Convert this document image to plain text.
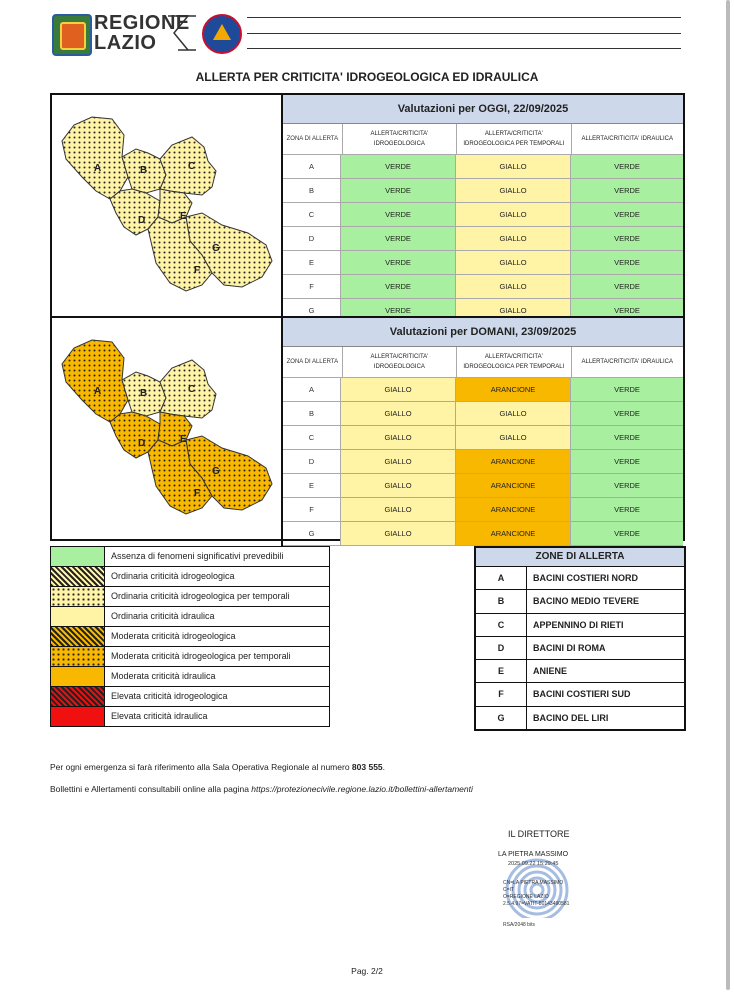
REGIONE
LAZIO
ALLERTA PER CRITICITA' IDROGEOLOGICA ED IDRAULICA
A	B	C
D	E
G
F
Valutazioni per OGGI, 22/09/2025
ZONA DI ALLERTA
ALLERTA/CRITICITA' IDROGEOLOGICA
ALLERTA/CRITICITA' IDROGEOLOGICA PER TEMPORALI
ALLERTA/CRITICITA' IDRAULICA
A	VERDE	GIALLO	VERDE
B	VERDE	GIALLO	VERDE
C	VERDE	GIALLO	VERDE
D	VERDE	GIALLO	VERDE
E	VERDE	GIALLO	VERDE
F	VERDE	GIALLO	VERDE
G	VERDE	GIALLO	VERDE
A	B	C
D	E
G
F
Valutazioni per DOMANI, 23/09/2025
ZONA DI ALLERTA
ALLERTA/CRITICITA' IDROGEOLOGICA
ALLERTA/CRITICITA' IDROGEOLOGICA PER TEMPORALI
ALLERTA/CRITICITA' IDRAULICA
A	GIALLO	ARANCIONE	VERDE
B	GIALLO	GIALLO	VERDE
C	GIALLO	GIALLO	VERDE
D	GIALLO	ARANCIONE	VERDE
E	GIALLO	ARANCIONE	VERDE
F	GIALLO	ARANCIONE	VERDE
G	GIALLO	ARANCIONE	VERDE
Assenza di fenomeni significativi prevedibili
Ordinaria criticità idrogeologica
Ordinaria criticità idrogeologica per temporali
Ordinaria criticità idraulica
Moderata criticità idrogeologica
Moderata criticità idrogeologica per temporali
Moderata criticità idraulica
Elevata criticità idrogeologica
Elevata criticità idraulica
ZONE DI ALLERTA
A	BACINI COSTIERI NORD
B	BACINO MEDIO TEVERE
C	APPENNINO DI RIETI
D	BACINI DI ROMA
E	ANIENE
F	BACINI COSTIERI SUD
G	BACINO DEL LIRI
Per ogni emergenza si farà riferimento alla Sala Operativa Regionale al numero 803 555.
Bollettini e Allertamenti consultabili online alla pagina https://protezionecivile.regione.lazio.it/bollettini-allertamenti
IL DIRETTORE
LA PIETRA MASSIMO
2025.09.22 15:29:45
CN=LA PIETRA MASSIMO
C=IT
O=REGIONE LAZIO
2.5.4.97=VATIT-80143490581
RSA/2048 bits
Pag. 2/2
